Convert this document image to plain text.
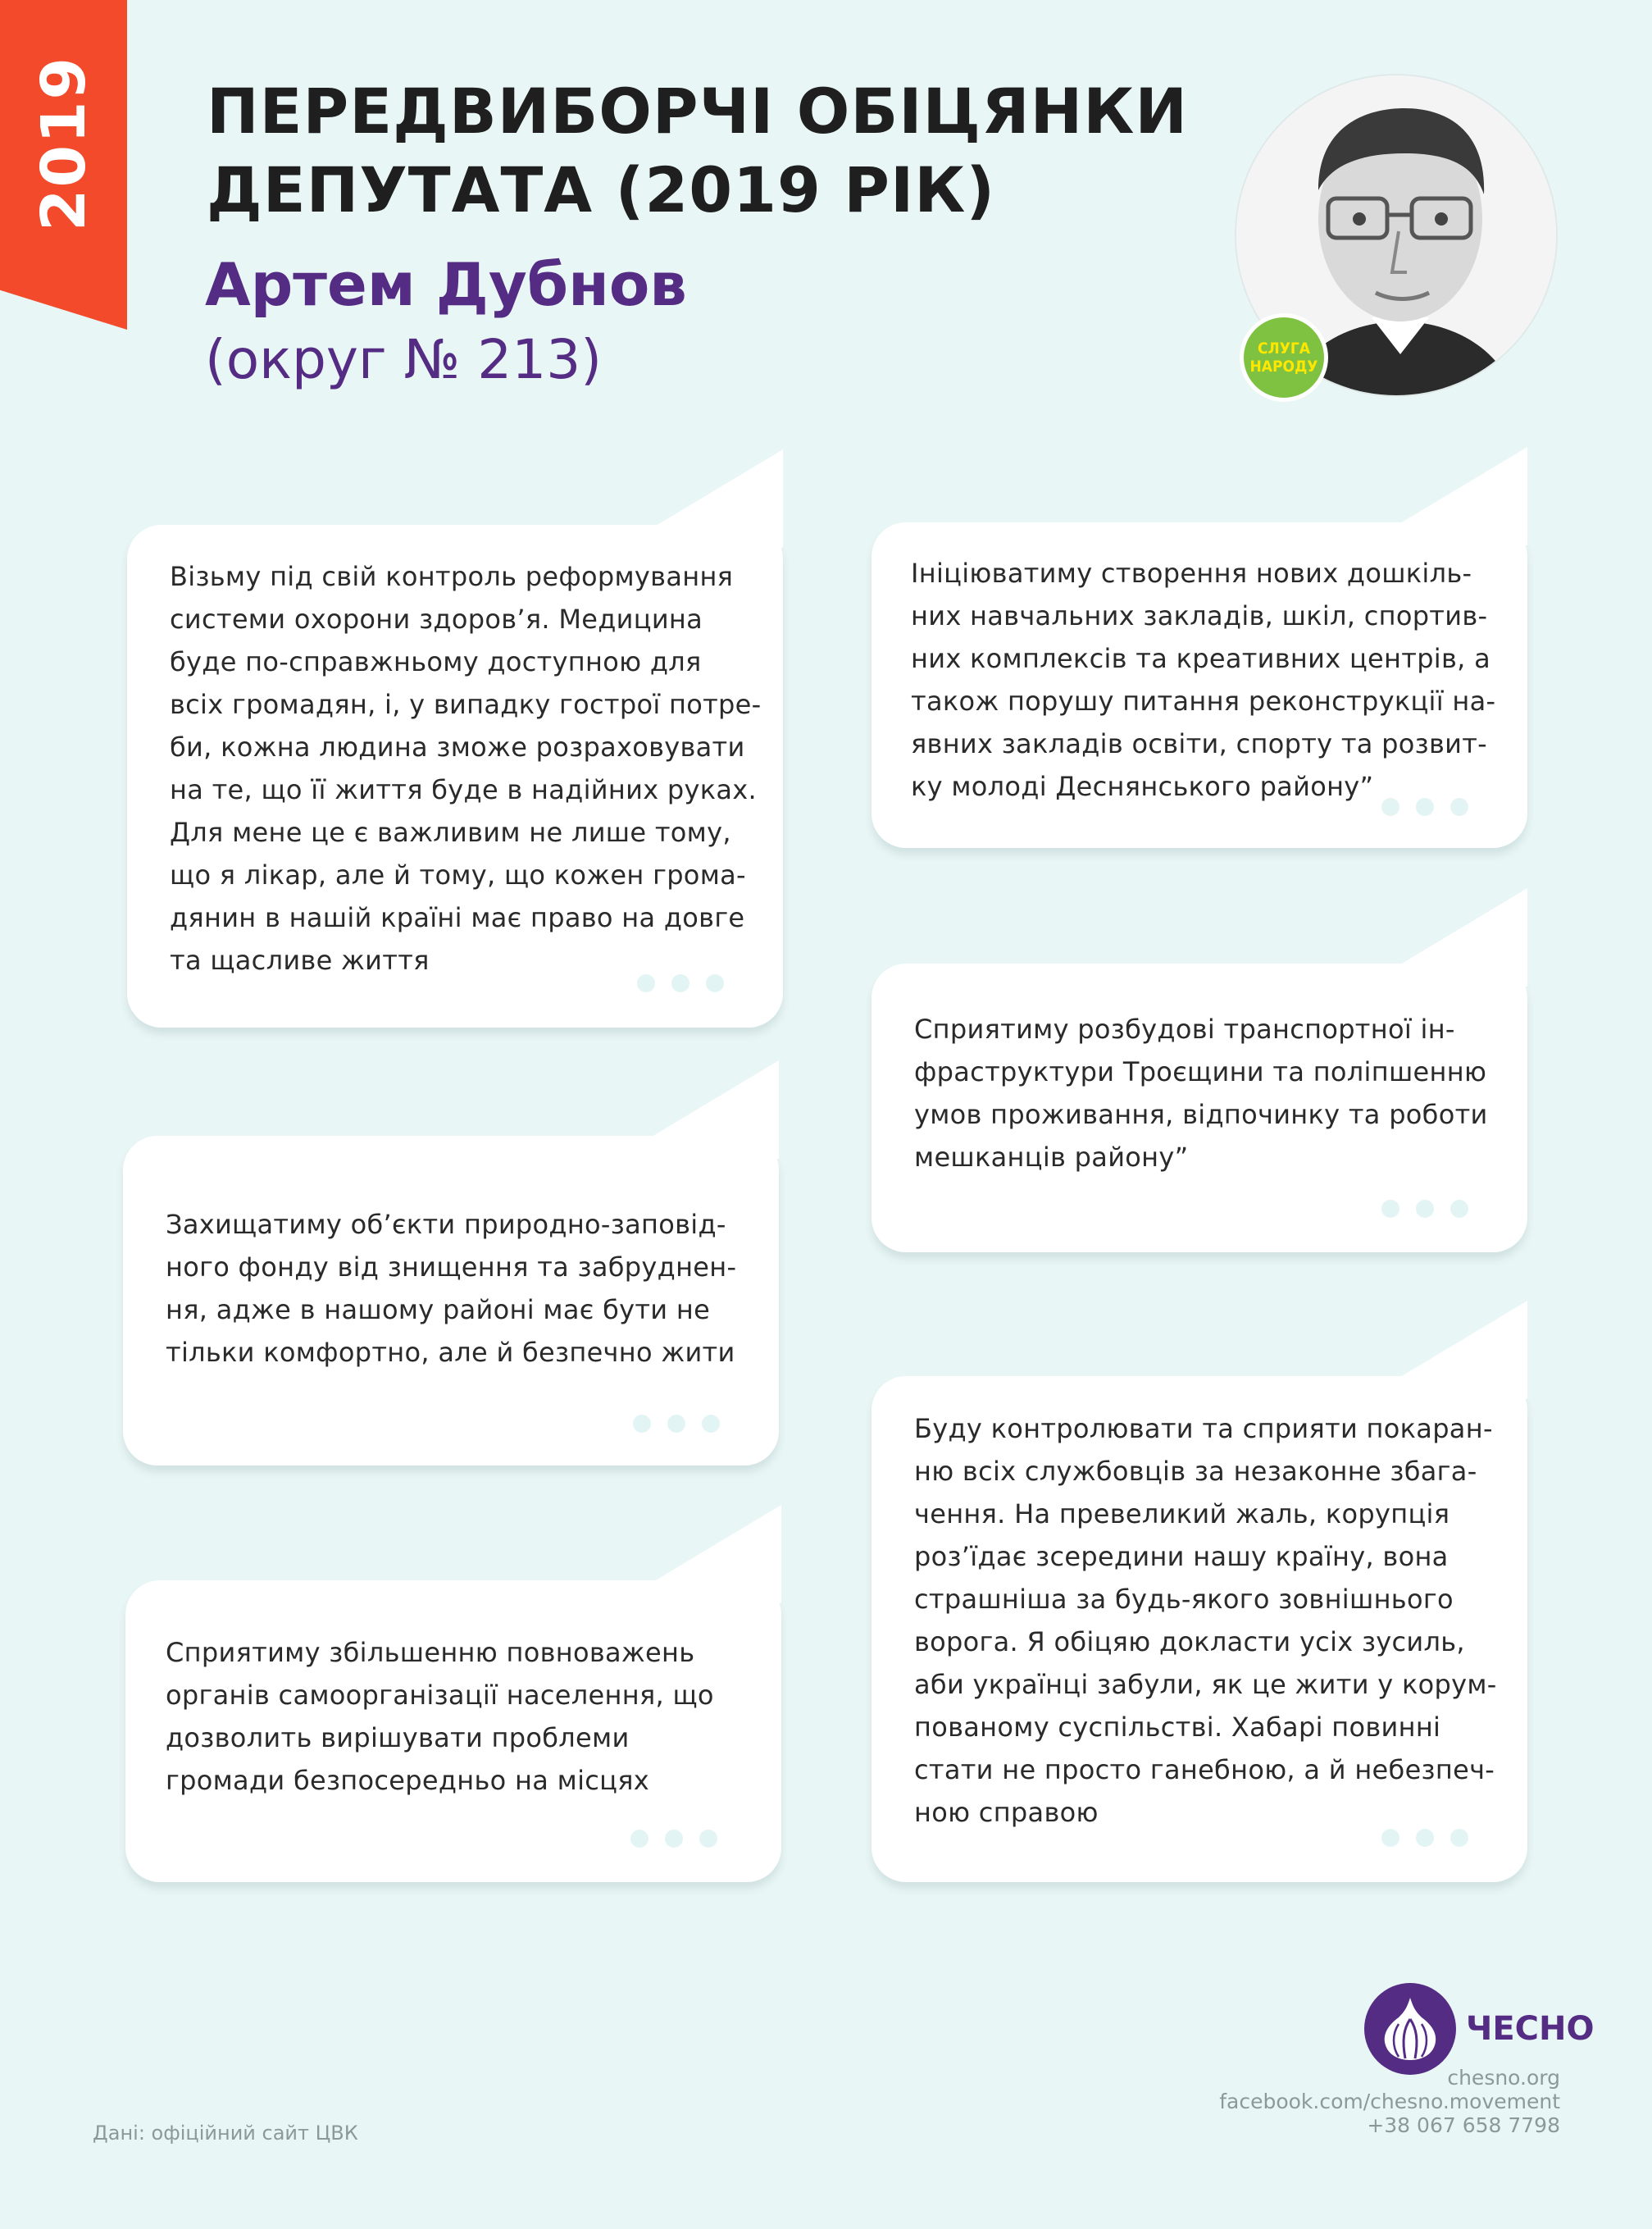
2019 ПЕРЕДВИБОРЧІ ОБІЦЯНКИ
ДЕПУТАТА (2019 РІК)
Артем Дубнов
(округ № 213)	СЛУГА
НАРОДУ

Візьму під свій контроль реформування
системи охорони здоров’я. Медицина
буде по-справжньому доступною для
всіх громадян, і, у випадку гострої потре-
би, кожна людина зможе розраховувати
на те, що її життя буде в надійних руках.
Для мене це є важливим не лише тому,
що я лікар, але й тому, що кожен грома-
дянин в нашій країні має право на довге
та щасливе життя

Ініціюватиму створення нових дошкіль-
них навчальних закладів, шкіл, спортив-
них комплексів та креативних центрів, а
також порушу питання реконструкції на-
явних закладів освіти, спорту та розвит-
ку молоді Деснянського району”

Сприятиму розбудові транспортної ін-
фраструктури Троєщини та поліпшенню
умов проживання, відпочинку та роботи
мешканців району”

Захищатиму об’єкти природно-заповід-
ного фонду від знищення та забруднен-
ня, адже в нашому районі має бути не
тільки комфортно, але й безпечно жити

Сприятиму збільшенню повноважень
органів самоорганізації населення, що
дозволить вирішувати проблеми
громади безпосередньо на місцях

Буду контролювати та сприяти покаран-
ню всіх службовців за незаконне збага-
чення. На превеликий жаль, корупція
роз’їдає зсередини нашу країну, вона
страшніша за будь-якого зовнішнього
ворога. Я обіцяю докласти усіх зусиль,
аби українці забули, як це жити у корум-
пованому суспільстві. Хабарі повинні
стати не просто ганебною, а й небезпеч-
ною справою

ЧЕСНО
chesno.org
facebook.com/chesno.movement
+38 067 658 7798
Дані: офіційний сайт ЦВК
